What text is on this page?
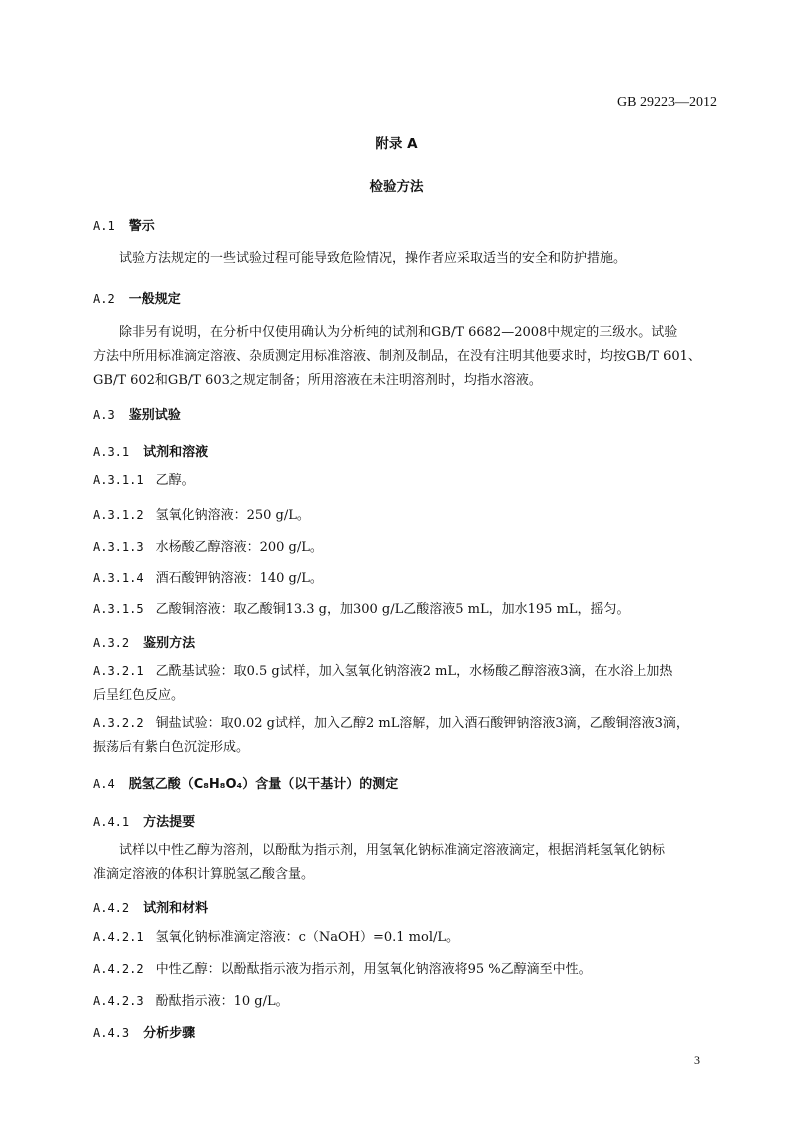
GB 29223—2012
附录 A
检验方法
A.1 警示
试验方法规定的一些试验过程可能导致危险情况，操作者应采取适当的安全和防护措施。
A.2 一般规定
除非另有说明，在分析中仅使用确认为分析纯的试剂和GB/T 6682—2008中规定的三级水。试验
方法中所用标准滴定溶液、杂质测定用标准溶液、制剂及制品，在没有注明其他要求时，均按GB/T 601、
GB/T 602和GB/T 603之规定制备；所用溶液在未注明溶剂时，均指水溶液。
A.3 鉴别试验
A.3.1 试剂和溶液
A.3.1.1 乙醇。
A.3.1.2 氢氧化钠溶液：250 g/L。
A.3.1.3 水杨酸乙醇溶液：200 g/L。
A.3.1.4 酒石酸钾钠溶液：140 g/L。
A.3.1.5 乙酸铜溶液：取乙酸铜13.3 g，加300 g/L乙酸溶液5 mL，加水195 mL，摇匀。
A.3.2 鉴别方法
A.3.2.1 乙酰基试验：取0.5 g试样，加入氢氧化钠溶液2 mL，水杨酸乙醇溶液3滴，在水浴上加热
后呈红色反应。
A.3.2.2 铜盐试验：取0.02 g试样，加入乙醇2 mL溶解，加入酒石酸钾钠溶液3滴，乙酸铜溶液3滴，
振荡后有紫白色沉淀形成。
A.4 脱氢乙酸（C₈H₈O₄）含量（以干基计）的测定
A.4.1 方法提要
试样以中性乙醇为溶剂，以酚酞为指示剂，用氢氧化钠标准滴定溶液滴定，根据消耗氢氧化钠标
准滴定溶液的体积计算脱氢乙酸含量。
A.4.2 试剂和材料
A.4.2.1 氢氧化钠标准滴定溶液：c（NaOH）=0.1 mol/L。
A.4.2.2 中性乙醇：以酚酞指示液为指示剂，用氢氧化钠溶液将95 %乙醇滴至中性。
A.4.2.3 酚酞指示液：10 g/L。
A.4.3 分析步骤
3
